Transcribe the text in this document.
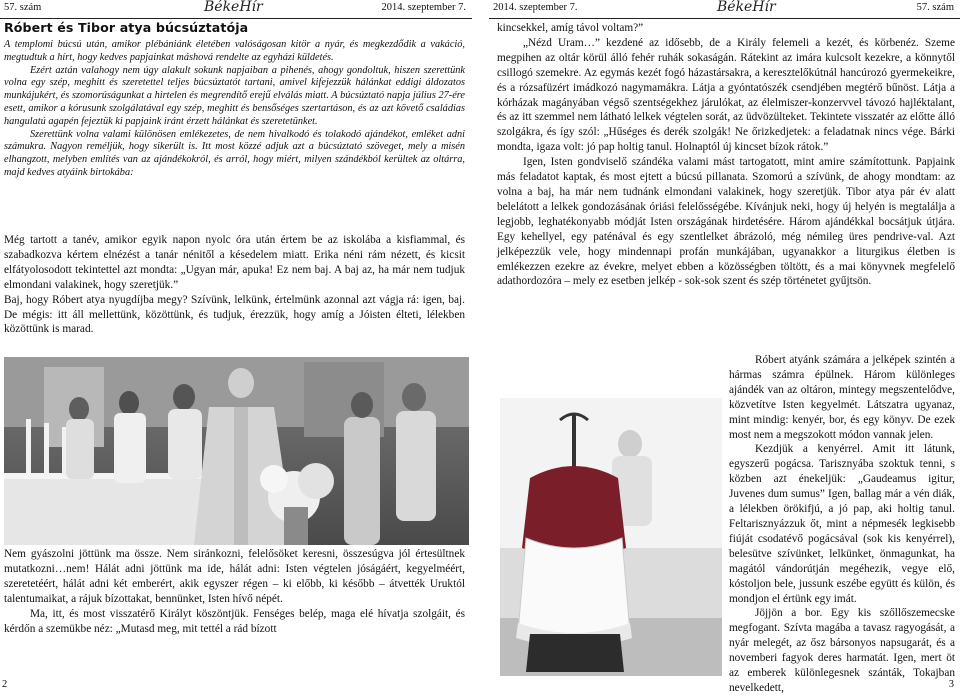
57. szám	BékeHír	2014. szeptember 7.
Róbert és Tibor atya búcsúztatója

A templomi búcsú után, amikor plébániánk életében valóságosan kitör a nyár, és megkezdődik a vakáció, megtudtuk a hírt, hogy kedves papjainkat máshová rendelte az egyházi küldetés.

Ezért aztán valahogy nem úgy alakult sokunk napjaiban a pihenés, ahogy gondoltuk, hiszen szerettünk volna egy szép, meghitt és szeretettel teljes búcsúztatót tartani, amivel kifejezzük hálánkat eddigi áldozatos munkájukért, és szomorúságunkat a hirtelen és megrendítő erejű elválás miatt. A búcsúztató napja július 27-ére esett, amikor a kórusunk szolgálatával egy szép, meghitt és bensőséges szertartáson, és az azt követő családias hangulatú agapén fejeztük ki papjaink iránt érzett hálánkat és szeretetünket.

Szerettünk volna valami különösen emlékezetes, de nem hivalkodó és tolakodó ajándékot, emléket adni számukra. Nagyon reméljük, hogy sikerült is. Itt most közzé adjuk azt a búcsúztató szöveget, mely a misén elhangzott, melyben említés van az ajándékokról, és arról, hogy miért, milyen szándékból kerültek az oltárra, majd kedves atyáink birtokába:

Még tartott a tanév, amikor egyik napon nyolc óra után értem be az iskolába a kisfiammal, és szabadkozva kértem elnézést a tanár nénitől a késedelem miatt. Erika néni rám nézett, és kicsit elfátyolosodott tekintettel azt mondta: „Ugyan már, apuka! Ez nem baj. A baj az, ha már nem tudjuk elmondani valakinek, hogy szeretjük.”

Baj, hogy Róbert atya nyugdíjba megy? Szívünk, lelkünk, értelmünk azonnal azt vágja rá: igen, baj. De mégis: itt áll mellettünk, közöttünk, és tudjuk, érezzük, hogy amíg a Jóisten élteti, lélekben közöttünk is marad.

Nem gyászolni jöttünk ma össze. Nem siránkozni, felelősöket keresni, összesúgva jól értesültnek mutatkozni…nem! Hálát adni jöttünk ma ide, hálát adni: Isten végtelen jóságáért, kegyelméért, szeretetéért, hálát adni két emberért, akik egyszer régen – ki előbb, ki később – átvették Uruktól talentumaikat, a rájuk bízottakat, bennünket, Isten hívő népét.

Ma, itt, és most visszatérő Királyt köszöntjük. Fenséges belép, maga elé hívatja szolgáit, és kérdőn a szemükbe néz: „Mutasd meg, mit tettél a rád bízott

2
2014. szeptember 7.	BékeHír	57. szám

kincsekkel, amíg távol voltam?”

„Nézd Uram…” kezdené az idősebb, de a Király felemeli a kezét, és körbenéz. Szeme megpihen az oltár körül álló fehér ruhák sokaságán. Rátekint az imára kulcsolt kezekre, a könnytől csillogó szemekre. Az egymás kezét fogó házastársakra, a keresztelőkútnál hancúrozó gyermekeikre, és a rózsafüzért imádkozó nagymamákra. Látja a gyóntatószék csendjében megtérő bűnöst. Látja a kórházak magányában végső szentségekhez járulókat, az élelmiszer-konzervvel távozó hajléktalant, és az itt szemmel nem látható lelkek végtelen sorát, az üdvözülteket. Tekintete visszatér az előtte álló szolgákra, és így szól: „Hűséges és derék szolgák! Ne őrizkedjetek: a feladatnak nincs vége. Bárki mondta, igaza volt: jó pap holtig tanul. Holnaptól új kincset bízok rátok.”

Igen, Isten gondviselő szándéka valami mást tartogatott, mint amire számítottunk. Papjaink más feladatot kaptak, és most ejtett a búcsú pillanata. Szomorú a szívünk, de ahogy mondtam: az volna a baj, ha már nem tudnánk elmondani valakinek, hogy szeretjük. Tibor atya pár év alatt belelátott a lelkek gondozásának óriási felelősségébe. Kívánjuk neki, hogy új helyén is megtalálja a legjobb, leghatékonyabb módját Isten országának hirdetésére. Három ajándékkal bocsátjuk útjára. Egy kehellyel, egy paténával és egy szentlelket ábrázoló, még némileg üres pendrive-val. Azt jelképezzük vele, hogy mindennapi profán munkájában, ugyanakkor a liturgikus életben is emlékezzen ezekre az évekre, melyet ebben a közösségben töltött, és a mai könyvnek megfelelő adathordozóra – mely ez esetben jelkép - sok-sok szent és szép történetet gyűjtsön.

Róbert atyánk számára a jelképek szintén a hármas számra épülnek. Három különleges ajándék van az oltáron, mintegy megszentelődve, közvetítve Isten kegyelmét. Látszatra ugyanaz, mint mindig: kenyér, bor, és egy könyv. De ezek most nem a megszokott módon vannak jelen.

Kezdjük a kenyérrel. Amit itt látunk, egyszerű pogácsa. Tarisznyába szoktuk tenni, s közben azt énekeljük: „Gaudeamus igitur, Juvenes dum sumus” Igen, ballag már a vén diák, a lélekben örökifjú, a jó pap, aki holtig tanul. Feltarisznyázzuk őt, mint a népmesék legkisebb fiúját csodatévő pogácsával (sok kis kenyérrel), belesütve szívünket, lelkünket, önmagunkat, ha magától vándorútján megéhezik, vegye elő, kóstoljon bele, jussunk eszébe együtt és külön, és mondjon el értünk egy imát.

Jöjjön a bor. Egy kis szőllőszemecske megfogant. Szívta magába a tavasz ragyogását, a nyár melegét, az ősz bársonyos napsugarát, és a novemberi fagyok deres harmatát. Igen, mert öt az emberek különlegesnek szánták, Tokajban nevelkedett,	3
